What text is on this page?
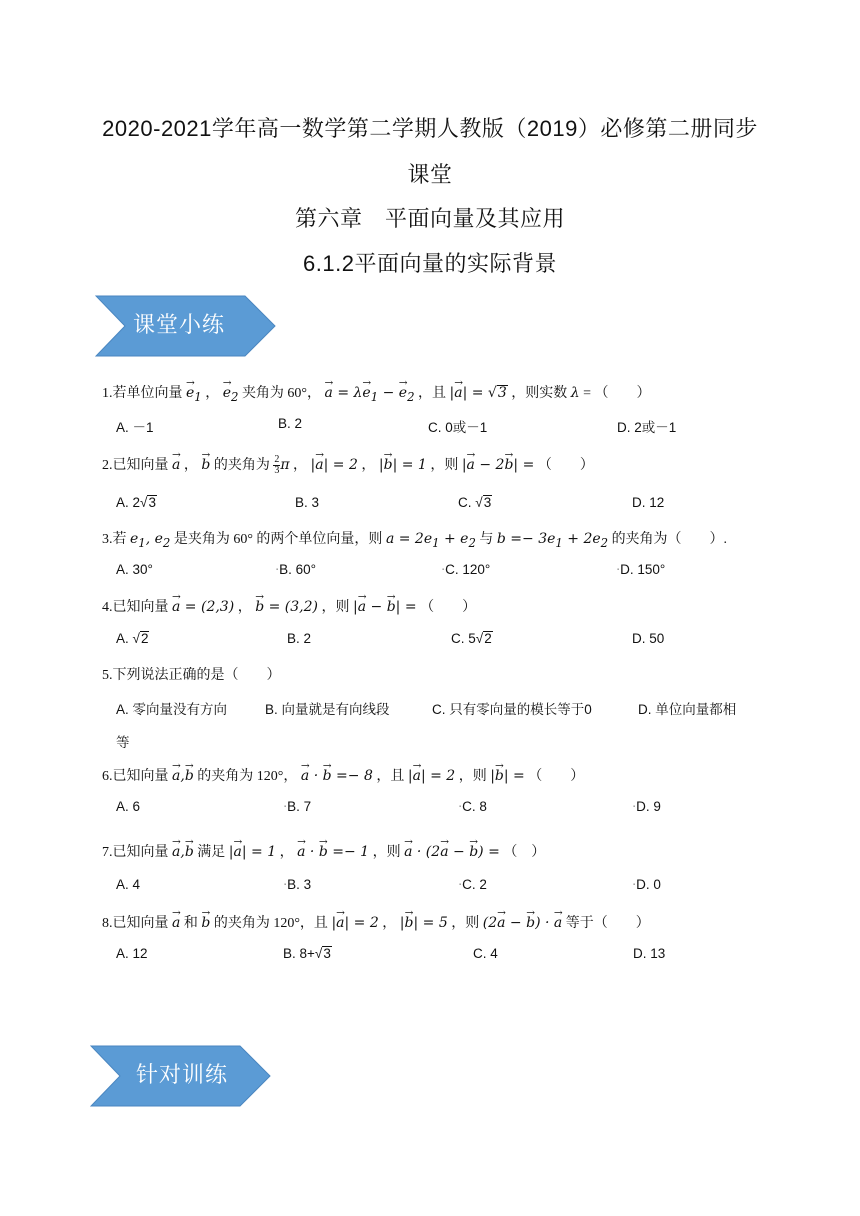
2020-2021学年高一数学第二学期人教版（2019）必修第二册同步
课堂
第六章　平面向量及其应用
6.1.2平面向量的实际背景
课堂小练
1.若单位向量 → $e_1$ ， → $e_2$ 夹角为 60°， → $a = \lambda\to e_1$ − → $e_2$ ，且 |→ a| = √3 ，则实数 λ = （　　）
A. －1	B. 2	C. 0或－1	D. 2或－1
2.已知向量 → a ， → b 的夹角为 $\frac{2}{3}$ π ， |→ a| = 2 ， |→ b| = 1 ，则 |→ a − 2→ b| = （　　）
A. 2√3	B. 3	C. √3	D. 12
3.若 $e_1$, $e_2$ 是夹角为 60° 的两个单位向量，则 $a = 2e_1 + e_2$ 与 $b =- 3e_1 + 2e_2$ 的夹角为（　　）.
A. 30°	▪B. 60°	▪C. 120°	▪D. 150°
4.已知向量 → a = (2,3) ， → b = (3,2) ，则 |→ a − → b| = （　　）
A. √2	B. 2	C. 5√2	D. 50
5.下列说法正确的是（　　）
A. 零向量没有方向	B. 向量就是有向线段	C. 只有零向量的模长等于0	D. 单位向量都相
等
6.已知向量 → a,→ b 的夹角为 120°， → a · → b =− 8 ，且 |→ a| = 2 ，则 |→ b| = （　　）
A. 6	▪B. 7	▪C. 8	▪D. 9
7.已知向量 → a,→ b 满足 |→ a| = 1 ， → a · → b =− 1 ，则 → a · (2→ a − → b) = （　）
A. 4	▪B. 3	▪C. 2	▪D. 0
8.已知向量 → a 和 → b 的夹角为 120°，且 |→ a| = 2 ， |→ b| = 5 ，则 (2→ a − → b) · → a 等于（　　）
A. 12	B. 8+√3	C. 4	D. 13
针对训练
